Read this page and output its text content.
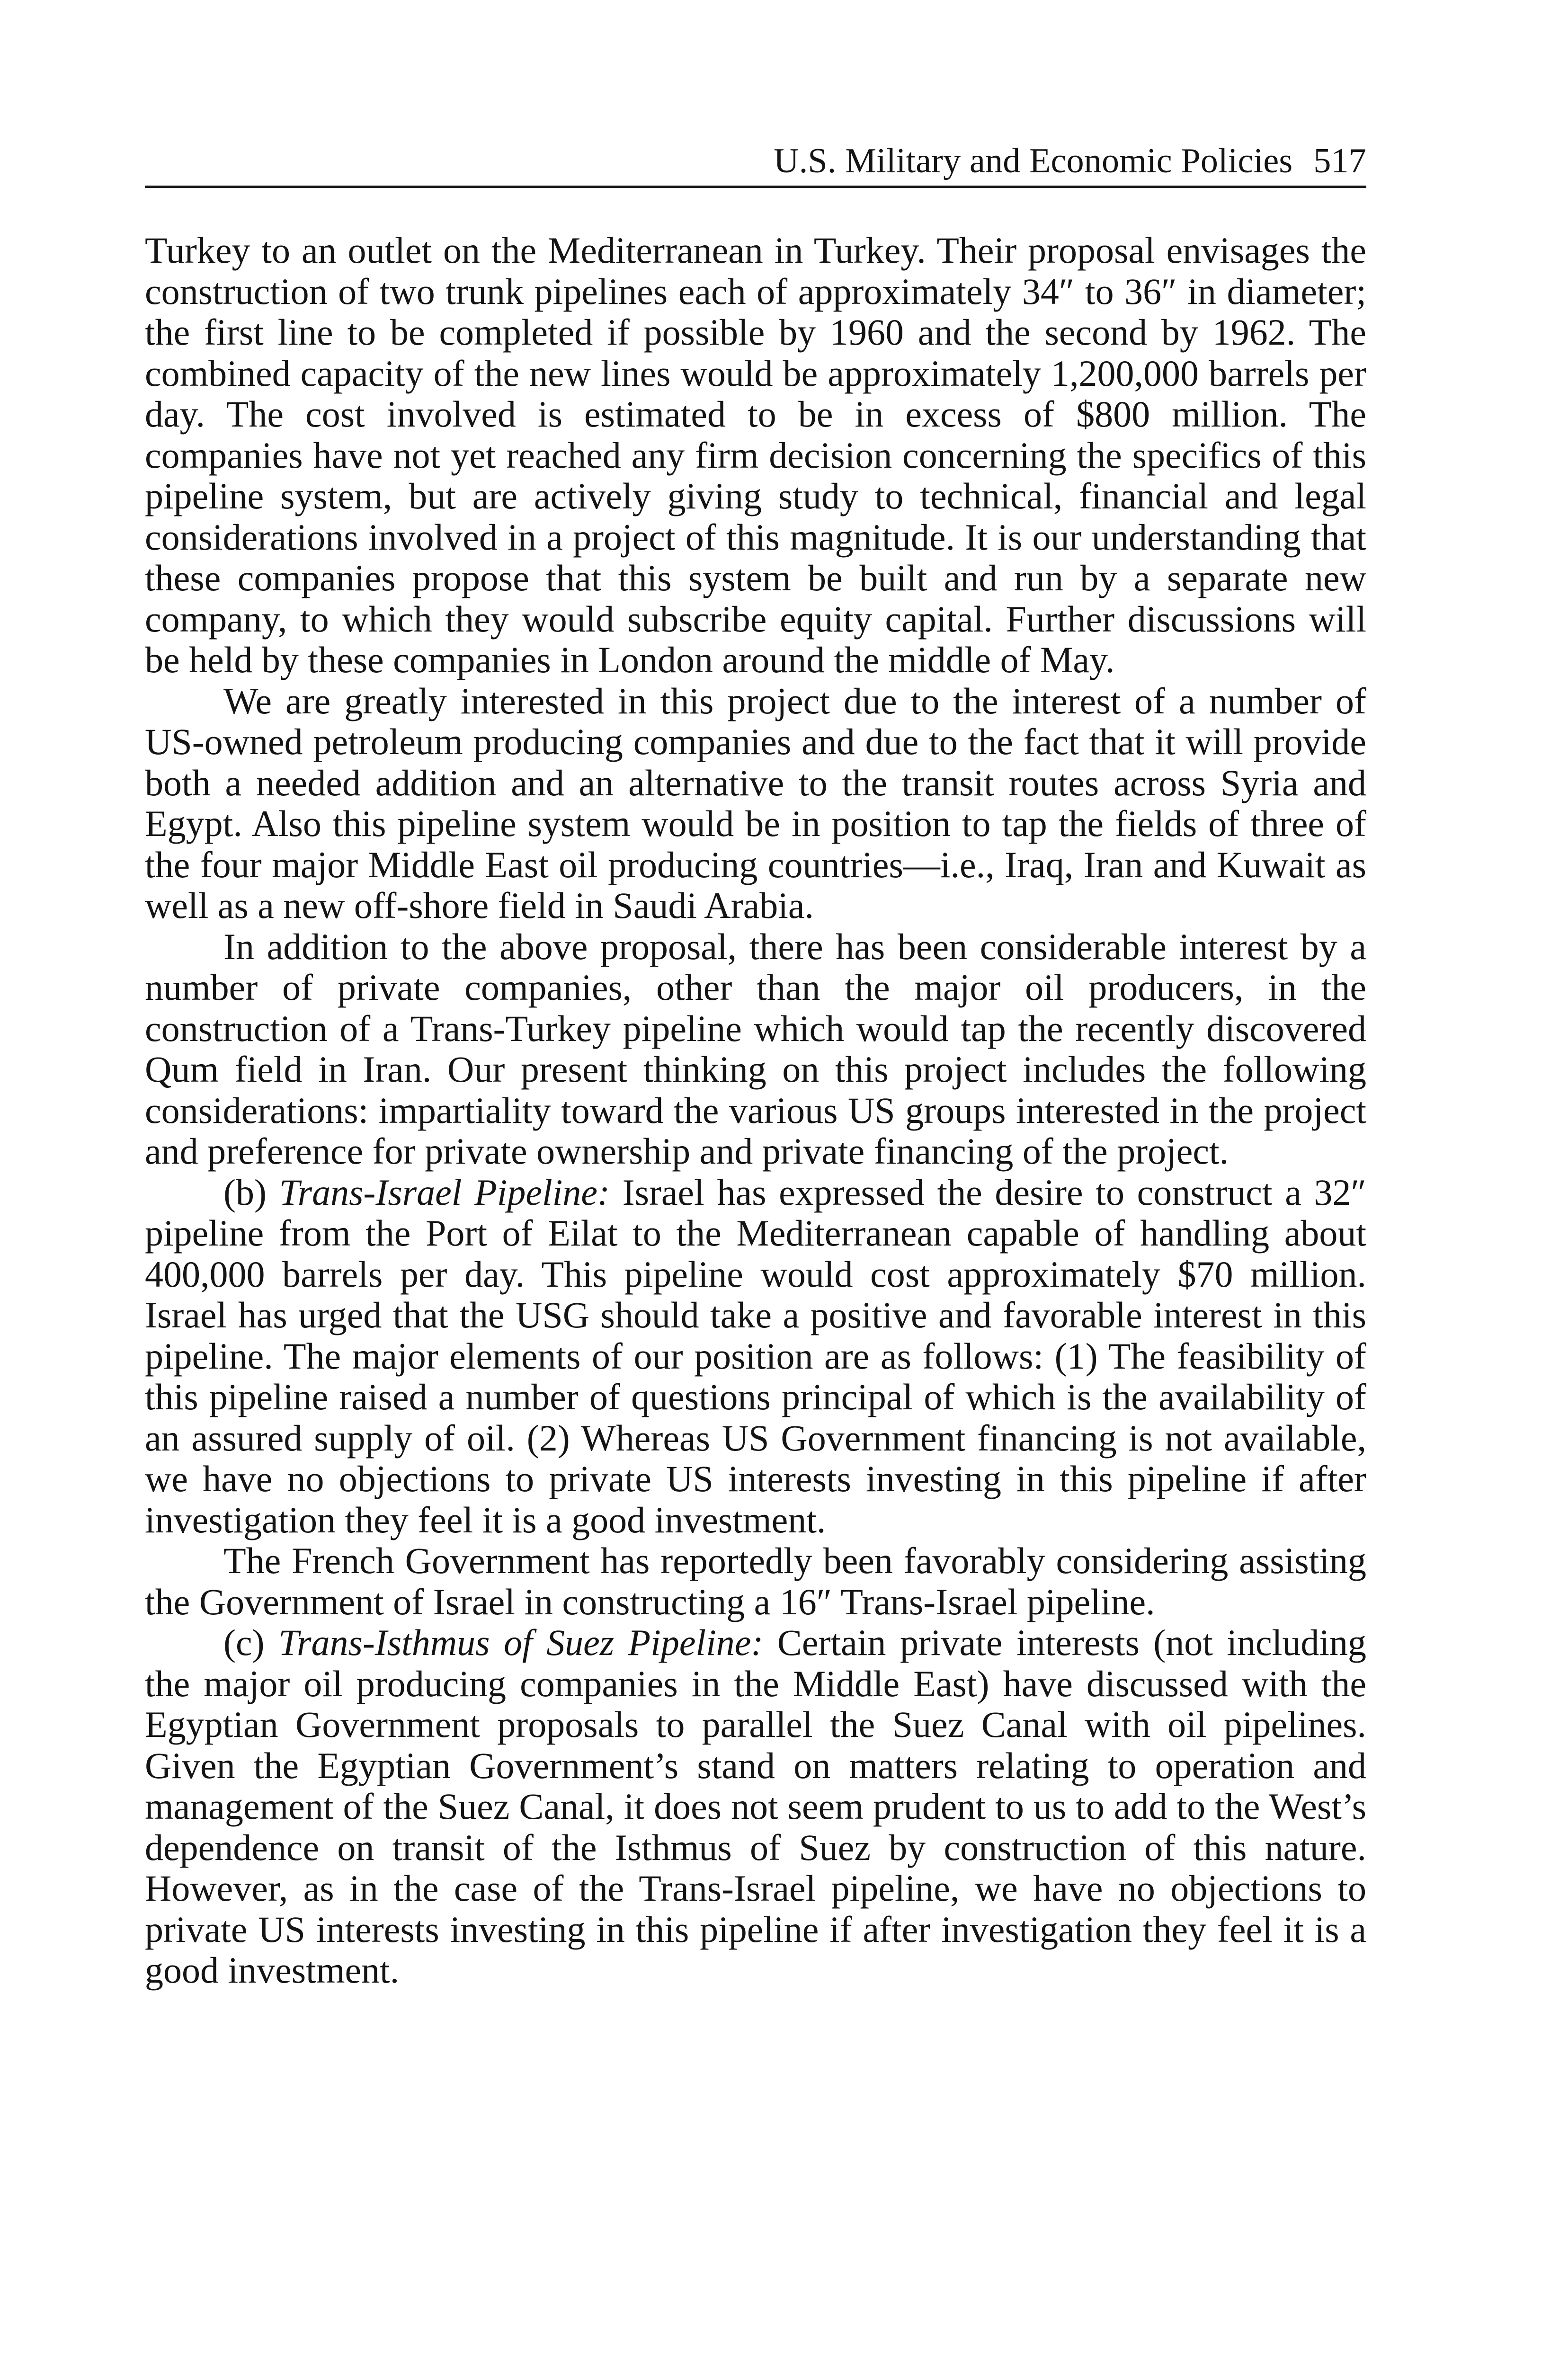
U.S. Military and Economic Policies 517

Turkey to an outlet on the Mediterranean in Turkey. Their proposal envisages the construction of two trunk pipelines each of approximately 34″ to 36″ in diameter; the first line to be completed if possible by 1960 and the second by 1962. The combined capacity of the new lines would be approximately 1,200,000 barrels per day. The cost involved is estimated to be in excess of $800 million. The companies have not yet reached any firm decision concerning the specifics of this pipeline system, but are actively giving study to technical, financial and legal considerations involved in a project of this magnitude. It is our understanding that these companies propose that this system be built and run by a separate new company, to which they would subscribe equity capital. Further discussions will be held by these companies in London around the middle of May.

We are greatly interested in this project due to the interest of a number of US-owned petroleum producing companies and due to the fact that it will provide both a needed addition and an alternative to the transit routes across Syria and Egypt. Also this pipeline system would be in position to tap the fields of three of the four major Middle East oil producing countries—i.e., Iraq, Iran and Kuwait as well as a new off-shore field in Saudi Arabia.

In addition to the above proposal, there has been considerable interest by a number of private companies, other than the major oil producers, in the construction of a Trans-Turkey pipeline which would tap the recently discovered Qum field in Iran. Our present thinking on this project includes the following considerations: impartiality toward the various US groups interested in the project and preference for private ownership and private financing of the project.

(b) Trans-Israel Pipeline: Israel has expressed the desire to construct a 32″ pipeline from the Port of Eilat to the Mediterranean capable of handling about 400,000 barrels per day. This pipeline would cost approximately $70 million. Israel has urged that the USG should take a positive and favorable interest in this pipeline. The major elements of our position are as follows: (1) The feasibility of this pipeline raised a number of questions principal of which is the availability of an assured supply of oil. (2) Whereas US Government financing is not available, we have no objections to private US interests investing in this pipeline if after investigation they feel it is a good investment.

The French Government has reportedly been favorably considering assisting the Government of Israel in constructing a 16″ Trans-Israel pipeline.

(c) Trans-Isthmus of Suez Pipeline: Certain private interests (not including the major oil producing companies in the Middle East) have discussed with the Egyptian Government proposals to parallel the Suez Canal with oil pipelines. Given the Egyptian Government’s stand on matters relating to operation and management of the Suez Canal, it does not seem prudent to us to add to the West’s dependence on transit of the Isthmus of Suez by construction of this nature. However, as in the case of the Trans-Israel pipeline, we have no objections to private US interests investing in this pipeline if after investigation they feel it is a good investment.
